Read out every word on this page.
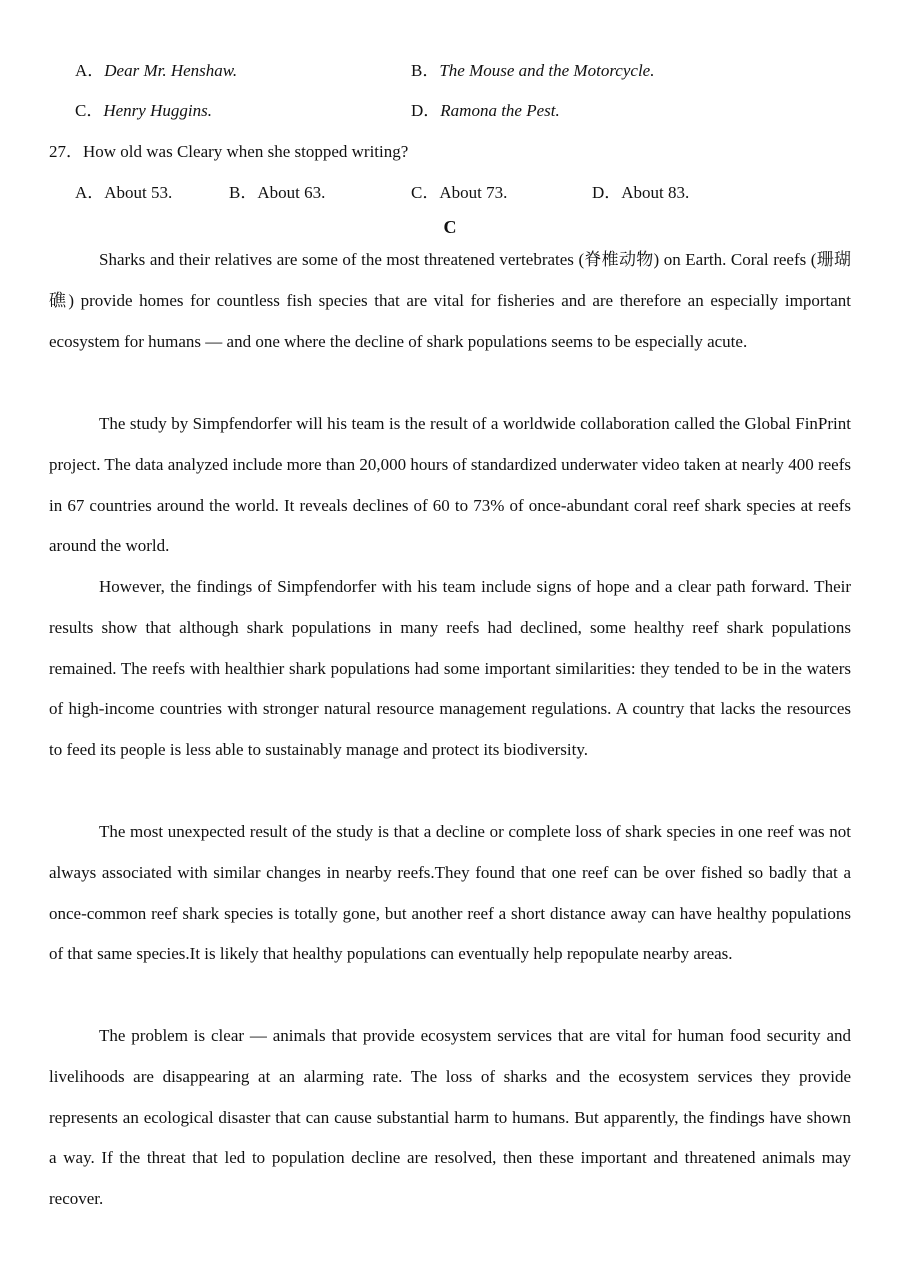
A．Dear Mr. Henshaw.	B．The Mouse and the Motorcycle.
C．Henry Huggins.	D．Ramona the Pest.
27．How old was Cleary when she stopped writing?
A．About 53.	B．About 63.	C．About 73.	D．About 83.
C

Sharks and their relatives are some of the most threatened vertebrates (脊椎动物) on Earth. Coral reefs (珊瑚礁) provide homes for countless fish species that are vital for fisheries and are therefore an especially important ecosystem for humans — and one where the decline of shark populations seems to be especially acute.

The study by Simpfendorfer will his team is the result of a worldwide collaboration called the Global FinPrint project. The data analyzed include more than 20,000 hours of standardized underwater video taken at nearly 400 reefs in 67 countries around the world. It reveals declines of 60 to 73% of once-abundant coral reef shark species at reefs around the world.

However, the findings of Simpfendorfer with his team include signs of hope and a clear path forward. Their results show that although shark populations in many reefs had declined, some healthy reef shark populations remained. The reefs with healthier shark populations had some important similarities: they tended to be in the waters of high-income countries with stronger natural resource management regulations. A country that lacks the resources to feed its people is less able to sustainably manage and protect its biodiversity.

The most unexpected result of the study is that a decline or complete loss of shark species in one reef was not always associated with similar changes in nearby reefs.They found that one reef can be over fished so badly that a once-common reef shark species is totally gone, but another reef a short distance away can have healthy populations of that same species.It is likely that healthy populations can eventually help repopulate nearby areas.

The problem is clear — animals that provide ecosystem services that are vital for human food security and livelihoods are disappearing at an alarming rate. The loss of sharks and the ecosystem services they provide represents an ecological disaster that can cause substantial harm to humans. But apparently, the findings have shown a way. If the threat that led to population decline are resolved, then these important and threatened animals may recover.
